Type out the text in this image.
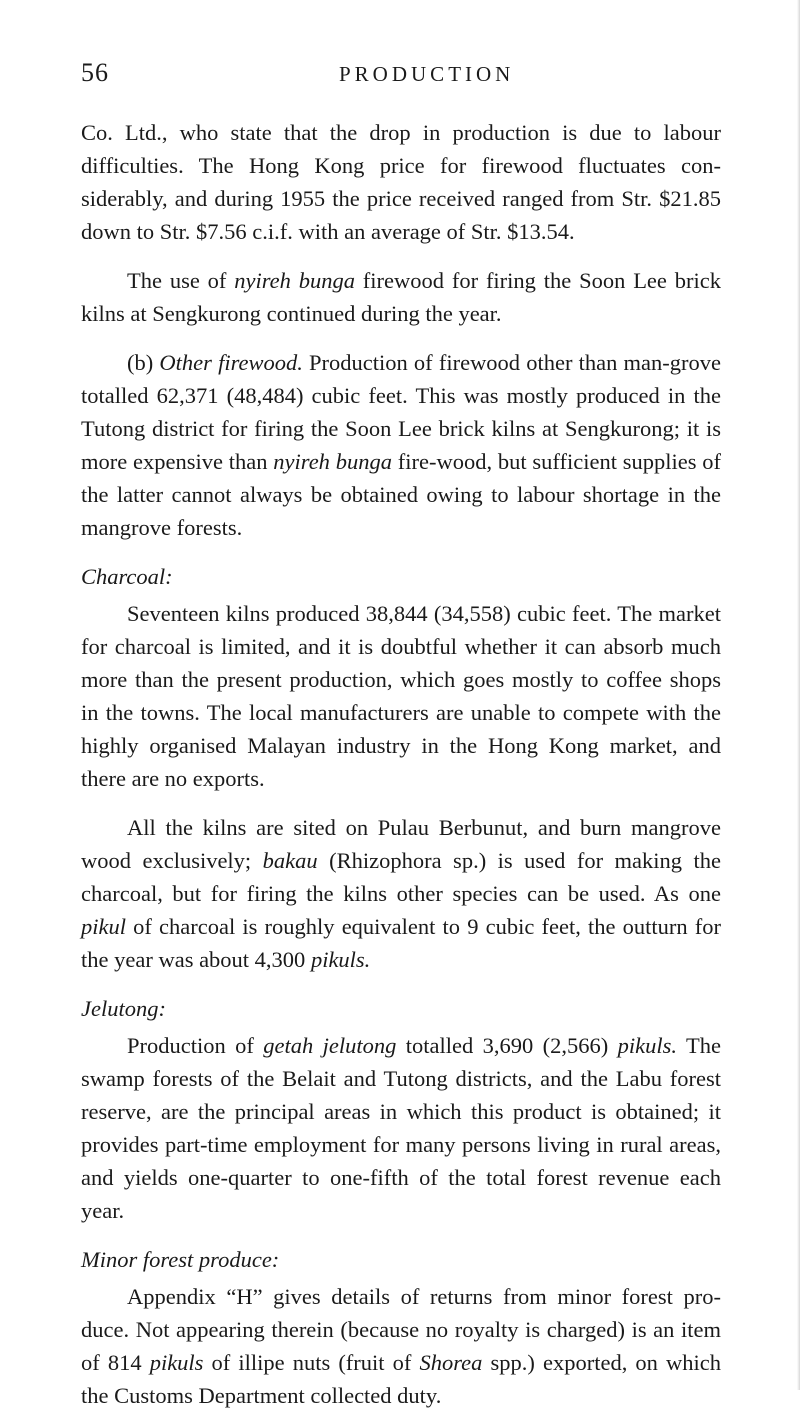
56	PRODUCTION

Co. Ltd., who state that the drop in production is due to labour difficulties. The Hong Kong price for firewood fluctuates con-siderably, and during 1955 the price received ranged from Str. $21.85 down to Str. $7.56 c.i.f. with an average of Str. $13.54.

The use of nyireh bunga firewood for firing the Soon Lee brick kilns at Sengkurong continued during the year.

(b) Other firewood. Production of firewood other than man-grove totalled 62,371 (48,484) cubic feet. This was mostly produced in the Tutong district for firing the Soon Lee brick kilns at Sengkurong; it is more expensive than nyireh bunga fire-wood, but sufficient supplies of the latter cannot always be obtained owing to labour shortage in the mangrove forests.

Charcoal:

Seventeen kilns produced 38,844 (34,558) cubic feet. The market for charcoal is limited, and it is doubtful whether it can absorb much more than the present production, which goes mostly to coffee shops in the towns. The local manufacturers are unable to compete with the highly organised Malayan industry in the Hong Kong market, and there are no exports.

All the kilns are sited on Pulau Berbunut, and burn mangrove wood exclusively; bakau (Rhizophora sp.) is used for making the charcoal, but for firing the kilns other species can be used. As one pikul of charcoal is roughly equivalent to 9 cubic feet, the outturn for the year was about 4,300 pikuls.

Jelutong:

Production of getah jelutong totalled 3,690 (2,566) pikuls. The swamp forests of the Belait and Tutong districts, and the Labu forest reserve, are the principal areas in which this product is obtained; it provides part-time employment for many persons living in rural areas, and yields one-quarter to one-fifth of the total forest revenue each year.

Minor forest produce:

Appendix “H” gives details of returns from minor forest pro-duce. Not appearing therein (because no royalty is charged) is an item of 814 pikuls of illipe nuts (fruit of Shorea spp.) exported, on which the Customs Department collected duty.
